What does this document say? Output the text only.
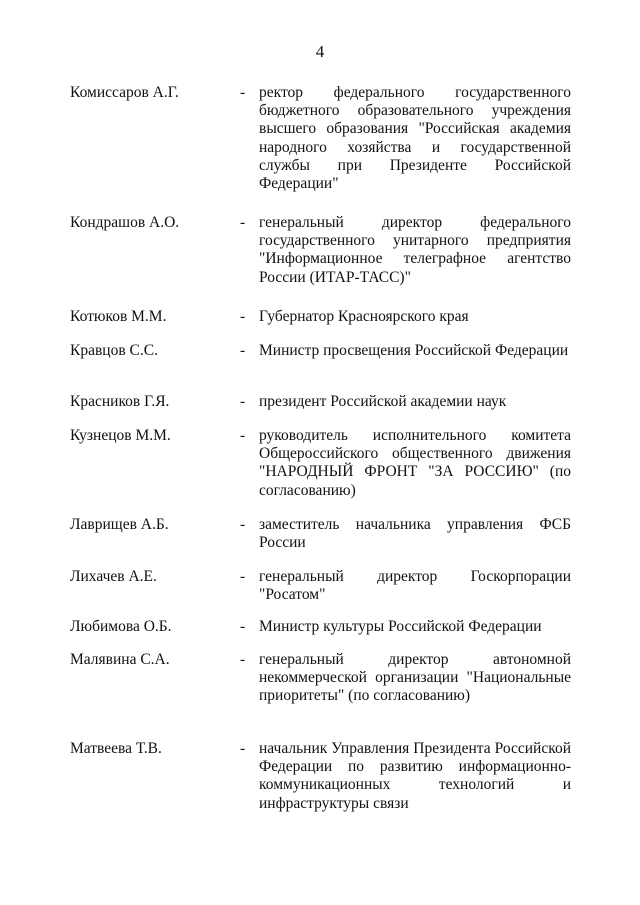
4
Комиссаров А.Г.	- ректор федерального государственного бюджетного образовательного учреждения высшего образования "Российская академия народного хозяйства и государственной службы при Президенте Российской Федерации"
Кондрашов А.О.	- генеральный директор федерального государственного унитарного предприятия "Информационное телеграфное агентство России (ИТАР-ТАСС)"
Котюков М.М.	- Губернатор Красноярского края
Кравцов С.С.	- Министр просвещения Российской Федерации
Красников Г.Я.	- президент Российской академии наук
Кузнецов М.М.	- руководитель исполнительного комитета Общероссийского общественного движения "НАРОДНЫЙ ФРОНТ "ЗА РОССИЮ" (по согласованию)
Лаврищев А.Б.	- заместитель начальника управления ФСБ России
Лихачев А.Е.	- генеральный директор Госкорпорации "Росатом"
Любимова О.Б.	- Министр культуры Российской Федерации
Малявина С.А.	- генеральный директор автономной некоммерческой организации "Национальные приоритеты" (по согласованию)
Матвеева Т.В.	- начальник Управления Президента Российской Федерации по развитию информационно-коммуникационных технологий и инфраструктуры связи
